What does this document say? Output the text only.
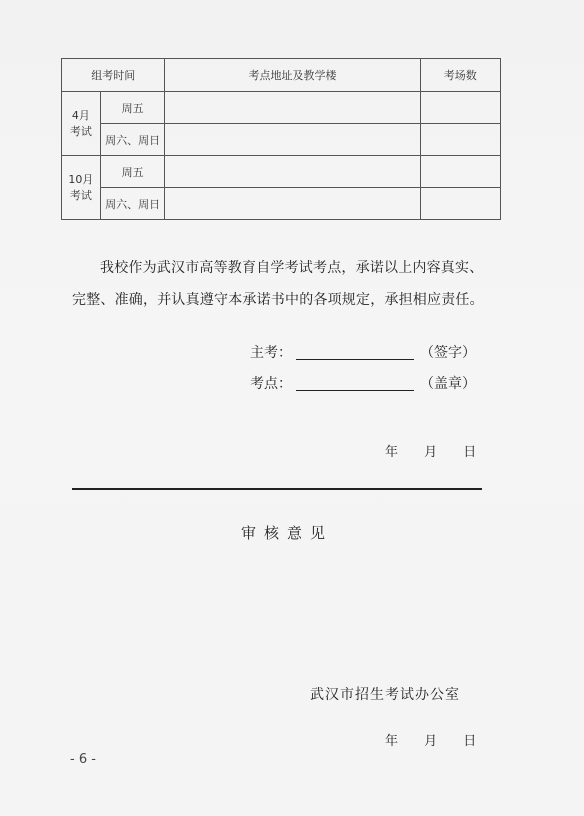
组考时间		考点地址及教学楼	考场数
4月
考试	周五		
	周六、周日		
10月
考试	周五		
	周六、周日		

我校作为武汉市高等教育自学考试考点，承诺以上内容真实、

完整、准确，并认真遵守本承诺书中的各项规定，承担相应责任。

主考：	（签字）
考点：	（盖章）
年 月 日
审核意见
武汉市招生考试办公室
年 月 日
- 6 -
